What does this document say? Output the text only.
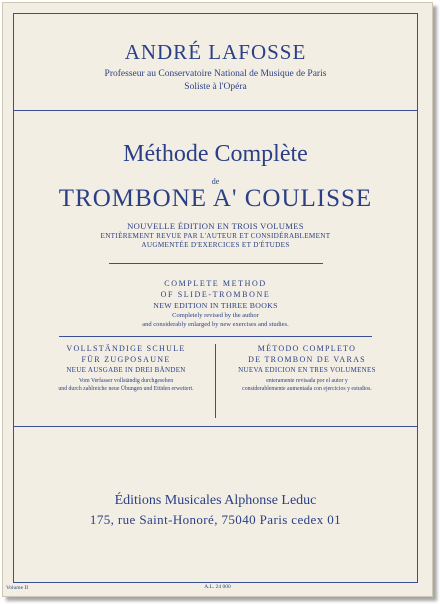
ANDRÉ LAFOSSE
Professeur au Conservatoire National de Musique de Paris
Soliste à l'Opéra
Méthode Complète
de
TROMBONE A' COULISSE
NOUVELLE ÉDITION EN TROIS VOLUMES
ENTIÈREMENT REVUE PAR L'AUTEUR ET CONSIDÉRABLEMENT
AUGMENTÉE D'EXERCICES ET D'ÉTUDES
COMPLETE METHOD
OF SLIDE-TROMBONE
NEW EDITION IN THREE BOOKS
Completely revised by the author
and considerably enlarged by new exercises and studies.
VOLLSTÄNDIGE SCHULE
FÜR ZUGPOSAUNE
NEUE AUSGABE IN DREI BÄNDEN
Vom Verfasser vollständig durchgesehen
und durch zahlreiche neue Übungen und Etüden erweitert.
MÉTODO COMPLETO
DE TROMBON DE VARAS
NUEVA EDICION EN TRES VOLUMENES
enteramente revisada por el autor y
considerablemente aumentada con ejercicios y estudios.
Éditions Musicales Alphonse Leduc
175, rue Saint-Honoré, 75040 Paris cedex 01
Volume II	A.L. 24 000
